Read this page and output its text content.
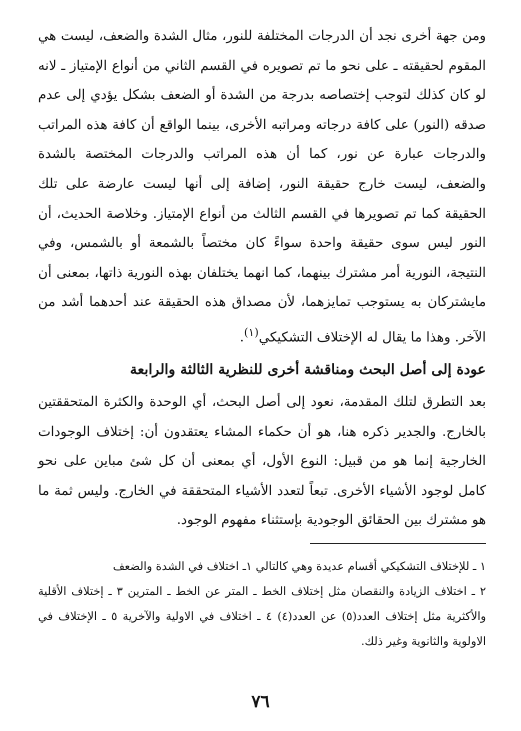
ومن جهة أخرى نجد أن الدرجات المختلفة للنور، مثال الشدة والضعف، ليست هي المقوم لحقيقته ـ على نحو ما تم تصويره في القسم الثاني من أنواع الإمتياز ـ لانه لو كان كذلك لتوجب إختصاصه بدرجة من الشدة أو الضعف بشكل يؤدي إلى عدم صدقه (النور) على كافة درجاته ومراتبه الأخرى، بينما الواقع أن كافة هذه المراتب والدرجات عبارة عن نور، كما أن هذه المراتب والدرجات المختصة بالشدة والضعف، ليست خارج حقيقة النور، إضافة إلى أنها ليست عارضة على تلك الحقيقة كما تم تصويرها في القسم الثالث من أنواع الإمتياز. وخلاصة الحديث، أن النور ليس سوى حقيقة واحدة سواءً كان مختصاً بالشمعة أو بالشمس، وفي النتيجة، النورية أمر مشترك بينهما، كما انهما يختلفان بهذه النورية ذاتها، بمعنى أن مايشتركان به يستوجب تمايزهما، لأن مصداق هذه الحقيقة عند أحدهما أشد من الآخر. وهذا ما يقال له الإختلاف التشكيكي$^{(١)}$.

عودة إلى أصل البحث ومناقشة أخرى للنظرية الثالثة والرابعة

بعد التطرق لتلك المقدمة، نعود إلى أصل البحث، أي الوحدة والكثرة المتحققتين بالخارج. والجدير ذكره هنا، هو أن حكماء المشاء يعتقدون أن: إختلاف الوجودات الخارجية إنما هو من قبيل: النوع الأول، أي بمعنى أن كل شئ مباين على نحو كامل لوجود الأشياء الأخرى. تبعاً لتعدد الأشياء المتحققة في الخارج. وليس ثمة ما هو مشترك بين الحقائق الوجودية بإستثناء مفهوم الوجود.

١ ـ للإختلاف التشكيكي أقسام عديدة وهي كالتالي ١ـ اختلاف في الشدة والضعف

٢ ـ اختلاف الزيادة والنقصان مثل إختلاف الخط ـ المتر عن الخط ـ المترين ٣ ـ إختلاف الأقلية والأكثرية مثل إختلاف العدد(٥) عن العدد(٤) ٤ ـ اختلاف في الاولية والآخرية ٥ ـ الإختلاف في الاولوية والثانوية وغير ذلك.

٧٦
